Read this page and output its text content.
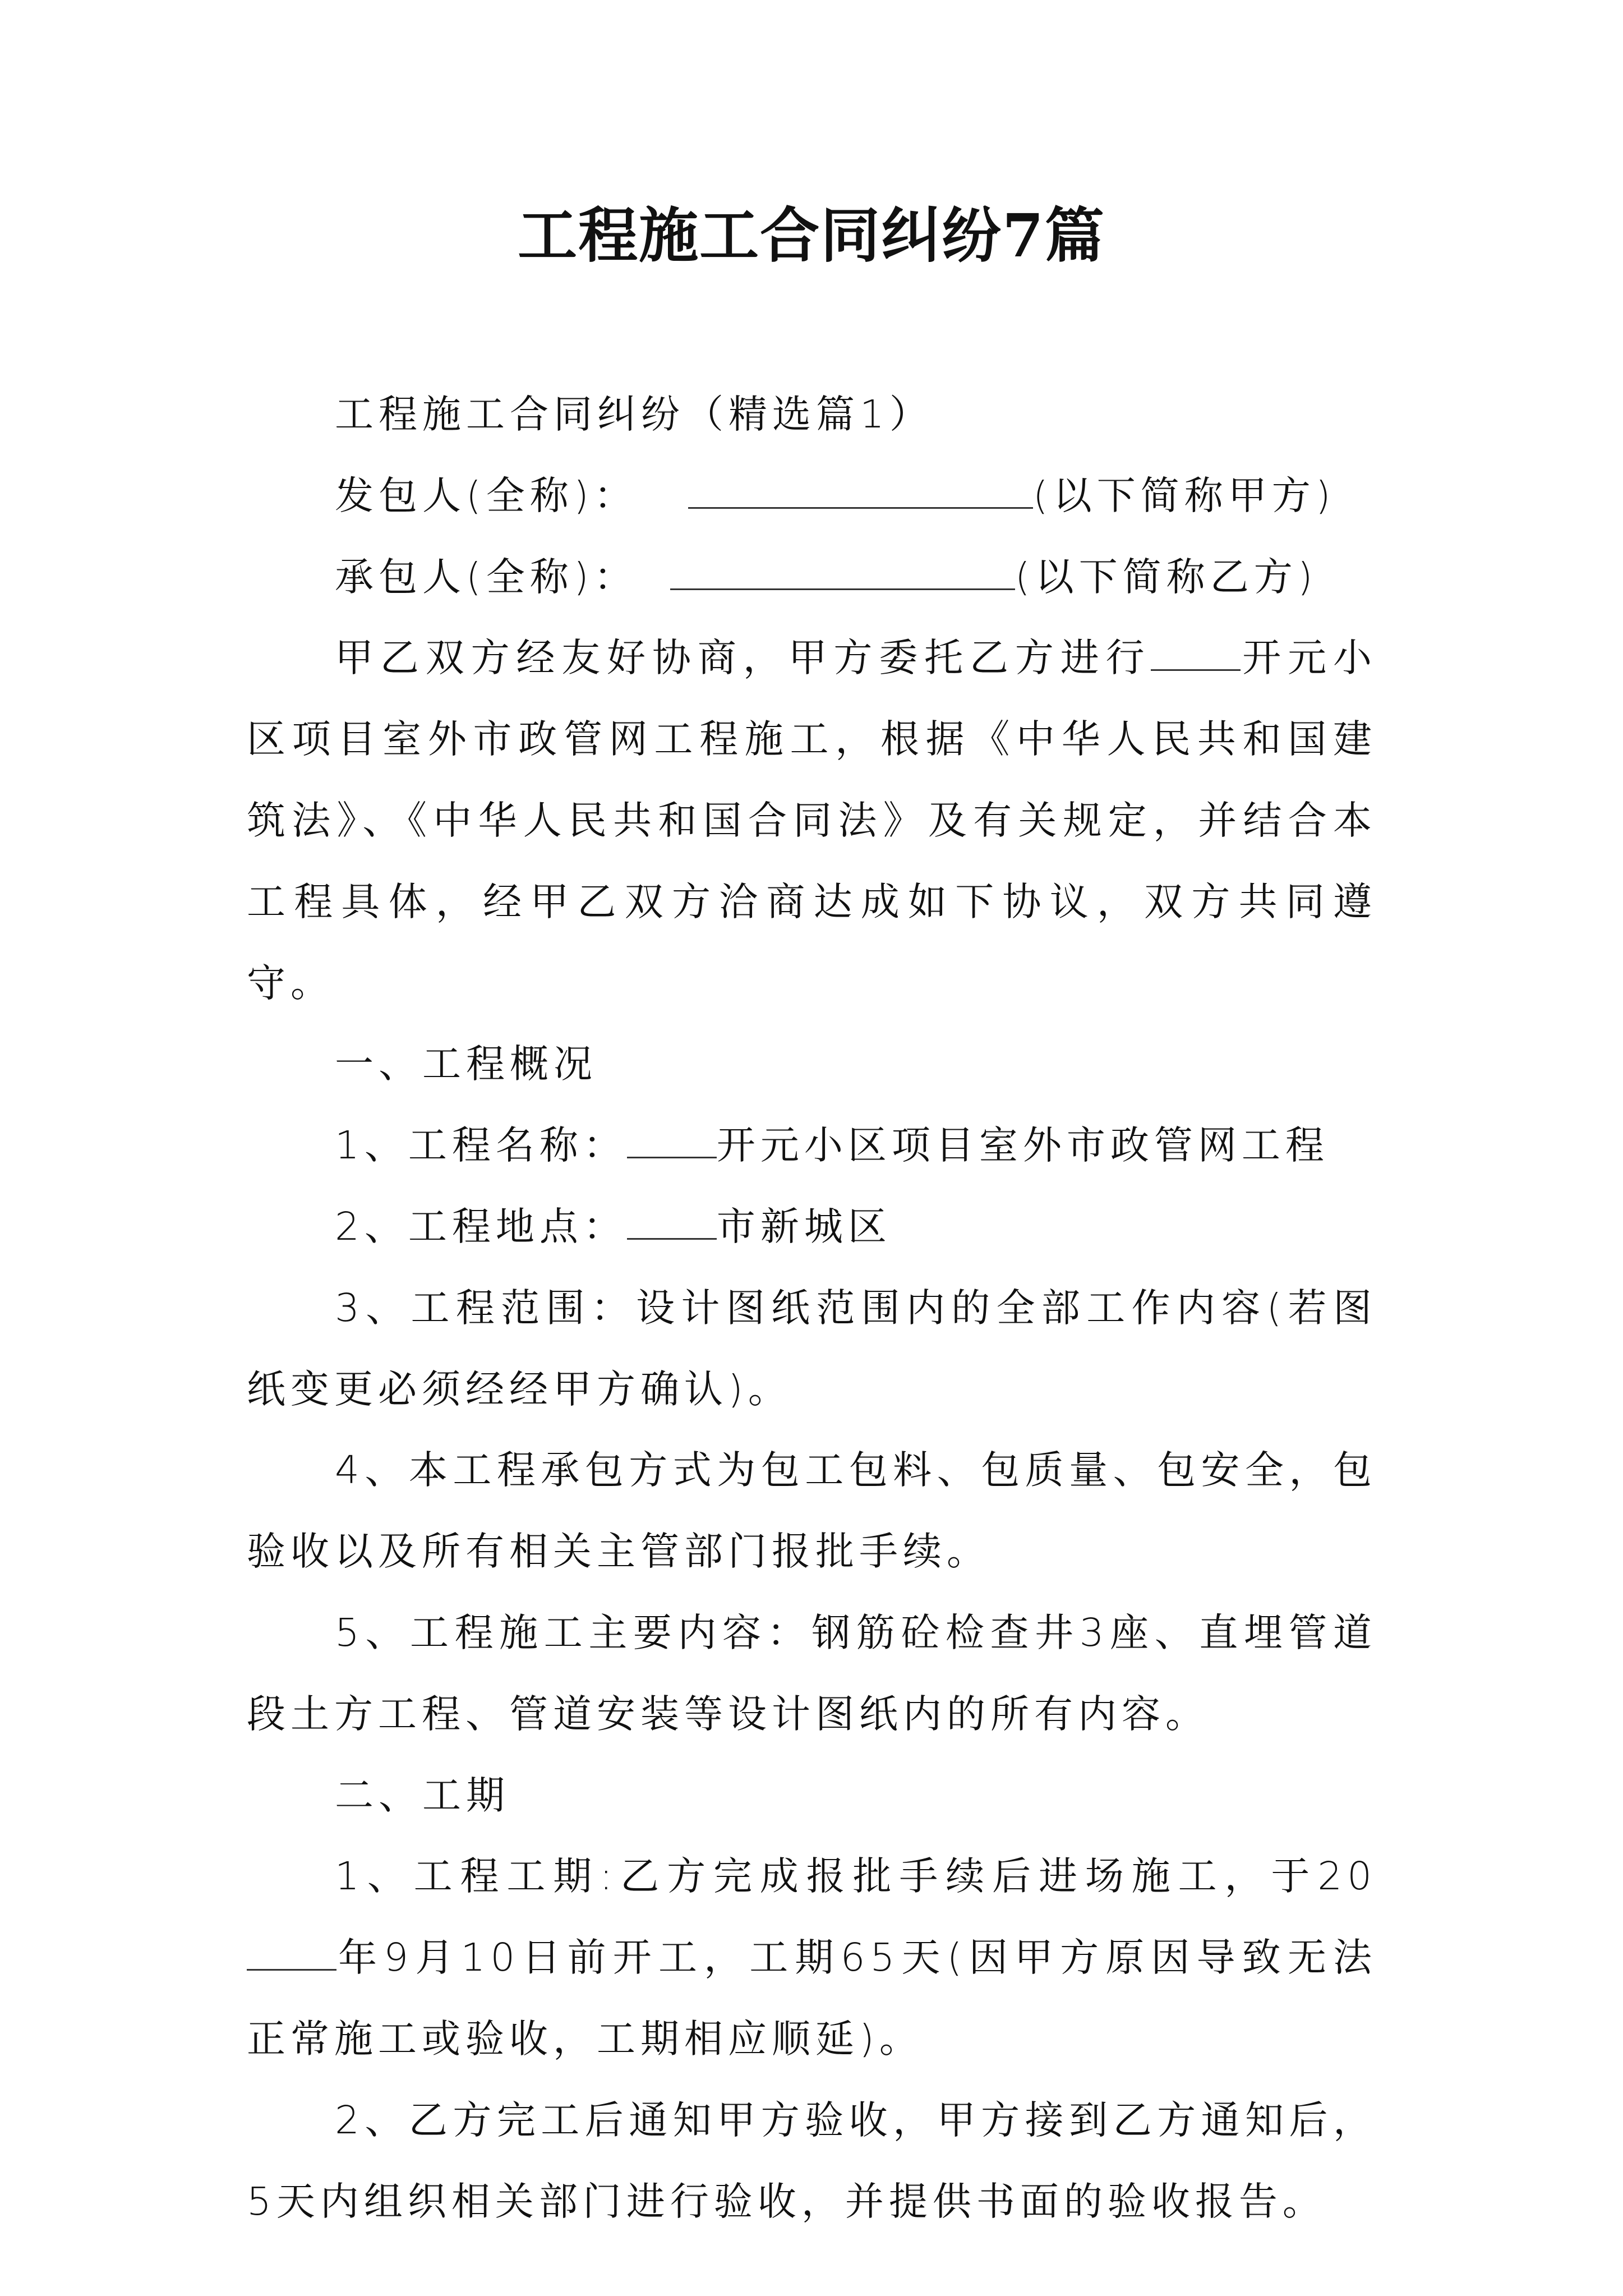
工程施工合同纠纷7篇
工程施工合同纠纷（精选篇1）
发包人(全称)：	(以下简称甲方)
承包人(全称)：	(以下简称乙方)

甲乙双方经友好协商，甲方委托乙方进行 开元小区项目室外市政管网工程施工，根据《中华人民共和国建筑法》、《中华人民共和国合同法》及有关规定，并结合本工程具体，经甲乙双方洽商达成如下协议，双方共同遵守。

一、工程概况
1、工程名称： 开元小区项目室外市政管网工程
2、工程地点： 市新城区

3、工程范围：设计图纸范围内的全部工作内容(若图纸变更必须经经甲方确认)。

4、本工程承包方式为包工包料、包质量、包安全，包验收以及所有相关主管部门报批手续。

5、工程施工主要内容：钢筋砼检查井3座、直埋管道段土方工程、管道安装等设计图纸内的所有内容。

二、工期

1、工程工期:乙方完成报批手续后进场施工，于20年9月10日前开工，工期65天(因甲方原因导致无法正常施工或验收，工期相应顺延)。

2、乙方完工后通知甲方验收，甲方接到乙方通知后，5天内组织相关部门进行验收，并提供书面的验收报告。
